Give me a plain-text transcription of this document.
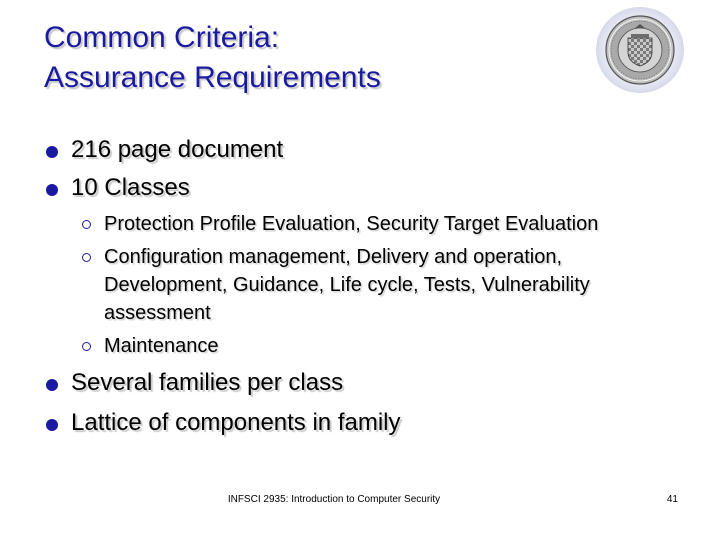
Common Criteria:
Assurance Requirements
216 page document
10 Classes
Protection Profile Evaluation, Security Target Evaluation
Configuration management, Delivery and operation, Development, Guidance, Life cycle, Tests, Vulnerability assessment
Maintenance
Several families per class
Lattice of components in family
INFSCI 2935: Introduction to Computer Security	41
